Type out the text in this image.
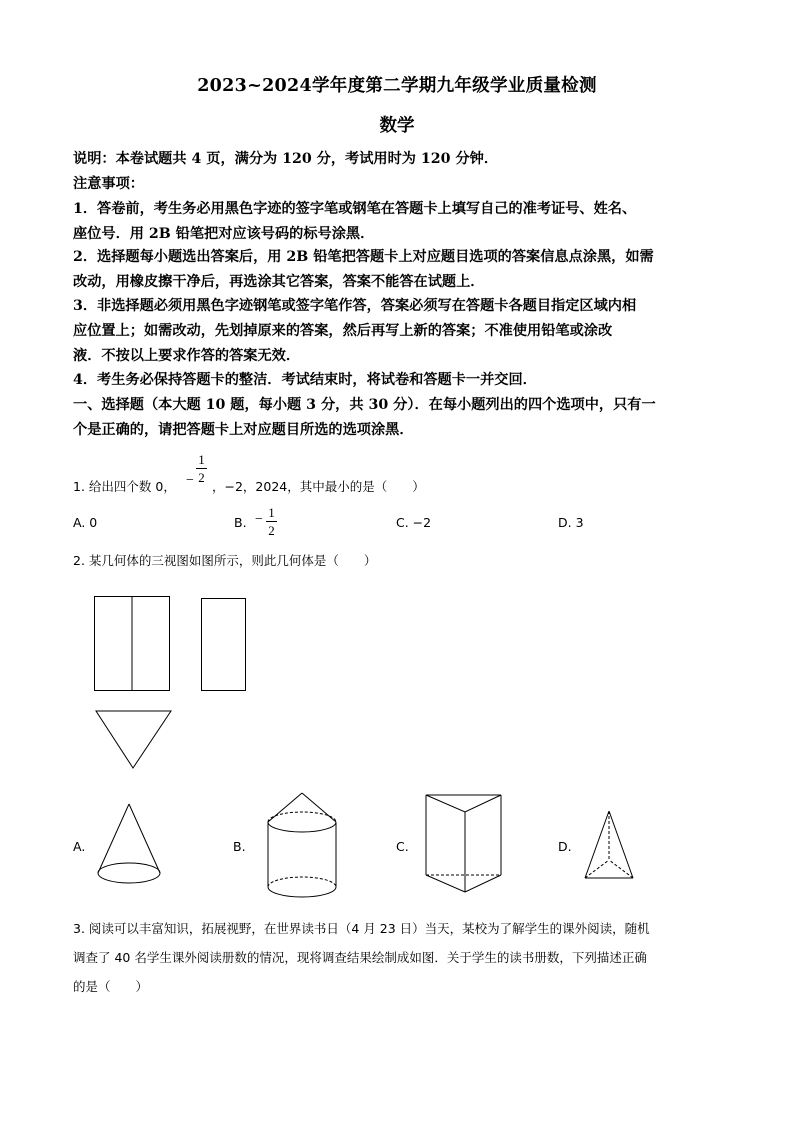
2023~2024学年度第二学期九年级学业质量检测
数学
说明：本卷试题共 4 页，满分为 120 分，考试用时为 120 分钟．
注意事项：
1．答卷前，考生务必用黑色字迹的签字笔或钢笔在答题卡上填写自己的准考证号、姓名、
座位号．用 2B 铅笔把对应该号码的标号涂黑．
2．选择题每小题选出答案后，用 2B 铅笔把答题卡上对应题目选项的答案信息点涂黑，如需
改动，用橡皮擦干净后，再选涂其它答案，答案不能答在试题上．
3．非选择题必须用黑色字迹钢笔或签字笔作答，答案必须写在答题卡各题目指定区域内相
应位置上；如需改动，先划掉原来的答案，然后再写上新的答案；不准使用铅笔或涂改
液．不按以上要求作答的答案无效．
4．考生务必保持答题卡的整洁．考试结束时，将试卷和答题卡一并交回．
一、选择题（本大题 10 题，每小题 3 分，共 30 分）．在每小题列出的四个选项中，只有一
个是正确的，请把答题卡上对应题目所选的选项涂黑．
1. 给出四个数 0， −
1
2
，−2，2024，其中最小的是（　　）
A. 0	B. − 1
2
C. −2	D. 3
2. 某几何体的三视图如图所示，则此几何体是（　　）
A.	B.	C.	D.
3. 阅读可以丰富知识，拓展视野，在世界读书日（4 月 23 日）当天，某校为了解学生的课外阅读，随机
调查了 40 名学生课外阅读册数的情况，现将调查结果绘制成如图．关于学生的读书册数，下列描述正确
的是（　　）
